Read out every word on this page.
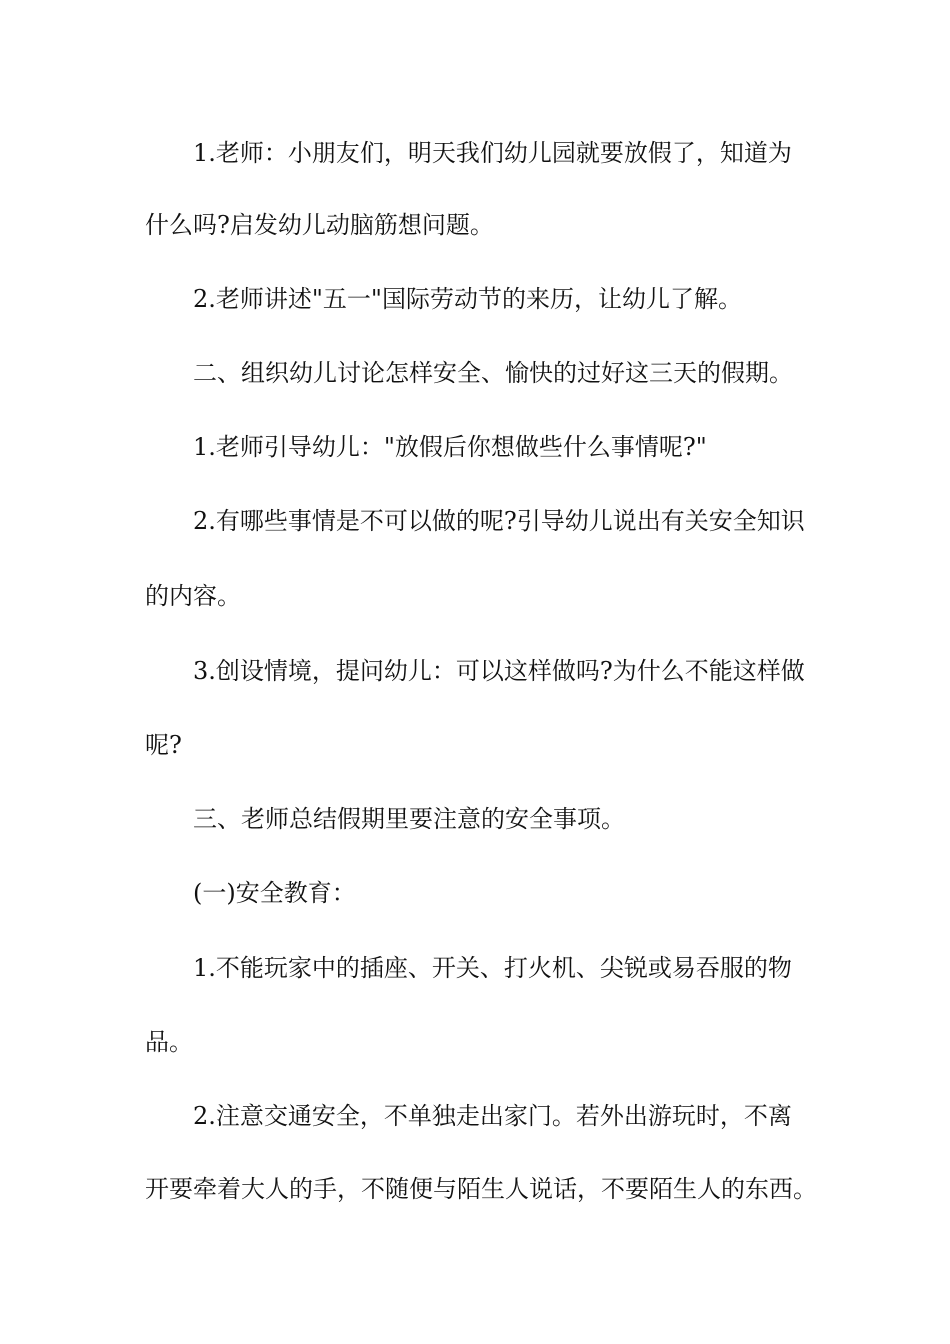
1.老师：小朋友们，明天我们幼儿园就要放假了，知道为
什么吗?启发幼儿动脑筋想问题。
2.老师讲述"五一"国际劳动节的来历，让幼儿了解。
二、组织幼儿讨论怎样安全、愉快的过好这三天的假期。
1.老师引导幼儿："放假后你想做些什么事情呢?"
2.有哪些事情是不可以做的呢?引导幼儿说出有关安全知识
的内容。
3.创设情境，提问幼儿：可以这样做吗?为什么不能这样做
呢?
三、老师总结假期里要注意的安全事项。
(一)安全教育：
1.不能玩家中的插座、开关、打火机、尖锐或易吞服的物
品。
2.注意交通安全，不单独走出家门。若外出游玩时，不离
开要牵着大人的手，不随便与陌生人说话，不要陌生人的东西。
